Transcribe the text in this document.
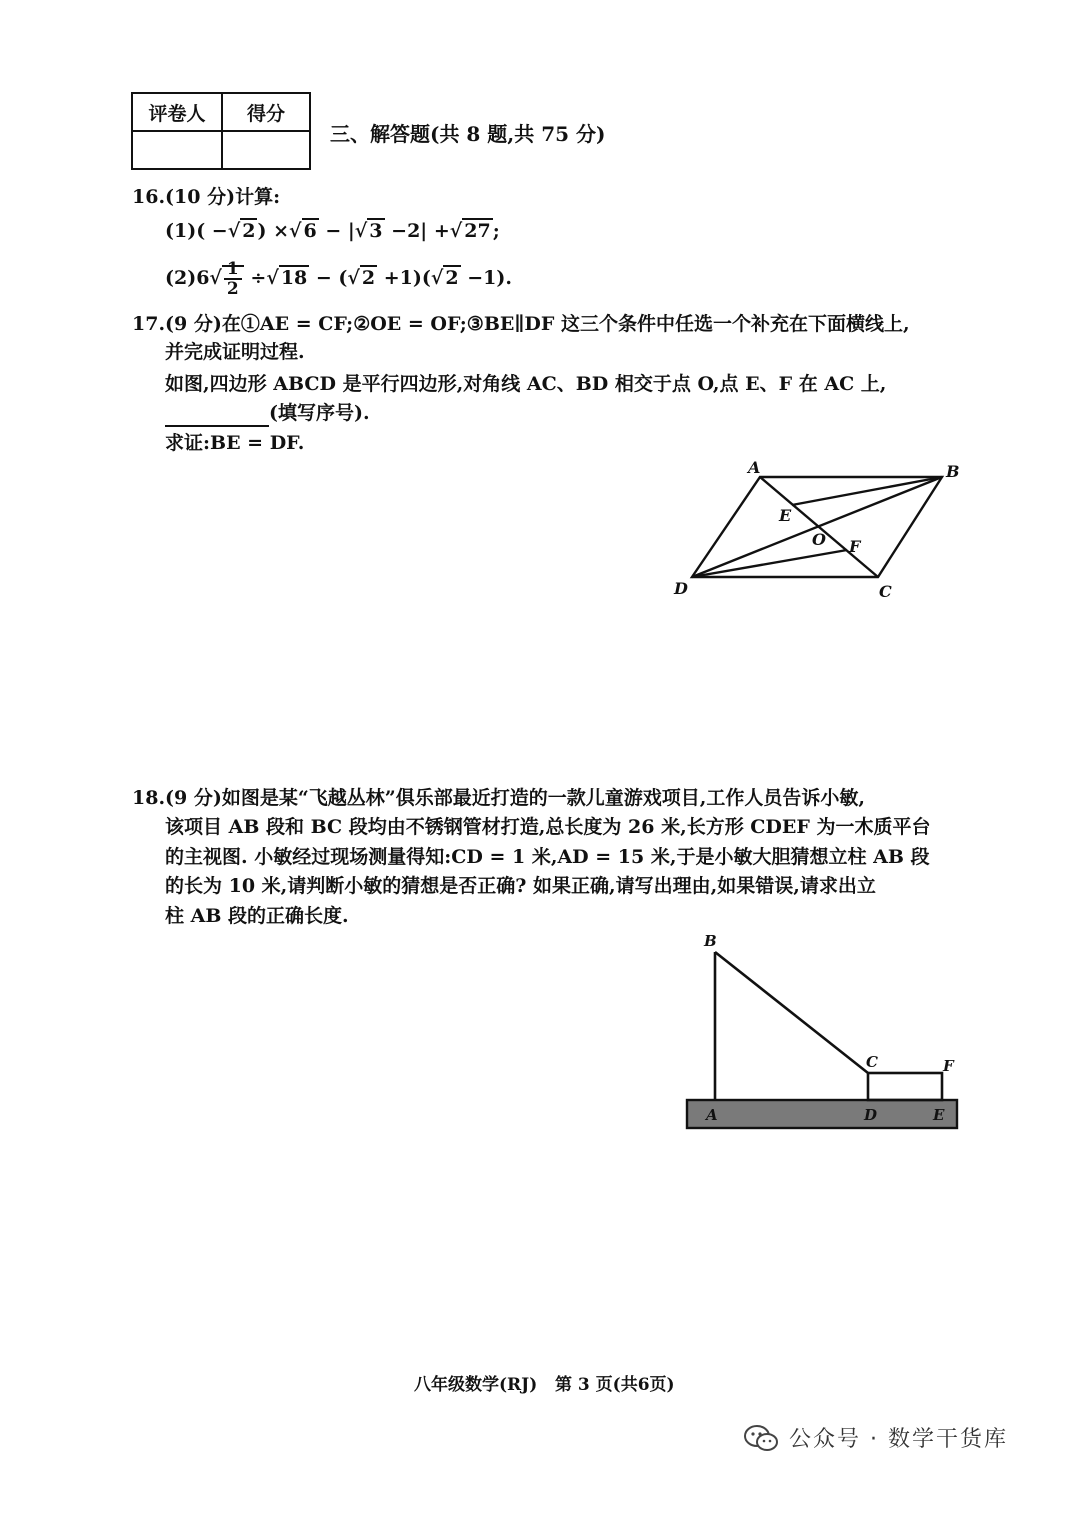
评卷人	得分

三、解答题(共 8 题,共 75 分)
16.(10 分)计算:
(1)( −√ 2 ) ×√ 6 − |√ 3 −2| +√ 27 ;
$(2)6√ \frac{1}{2}$ ÷√ 18 − (√ 2 +1)(√ 2 −1).
17.(9 分)在①AE = CF;②OE = OF;③BE∥DF 这三个条件中任选一个补充在下面横线上,
并完成证明过程.
如图,四边形 ABCD 是平行四边形,对角线 AC、BD 相交于点 O,点 E、F 在 AC 上,
(填写序号).
求证:BE = DF.
A	B
C
D
E
O F
18.(9 分)如图是某“飞越丛林”俱乐部最近打造的一款儿童游戏项目,工作人员告诉小敏,
该项目 AB 段和 BC 段均由不锈钢管材打造,总长度为 26 米,长方形 CDEF 为一木质平台
的主视图. 小敏经过现场测量得知:CD = 1 米,AD = 15 米,于是小敏大胆猜想立柱 AB 段
的长为 10 米,请判断小敏的猜想是否正确? 如果正确,请写出理由,如果错误,请求出立
柱 AB 段的正确长度.
B
C	F
A	D	E
八年级数学(RJ)   第 3 页(共6页)
公众号 · 数学干货库
